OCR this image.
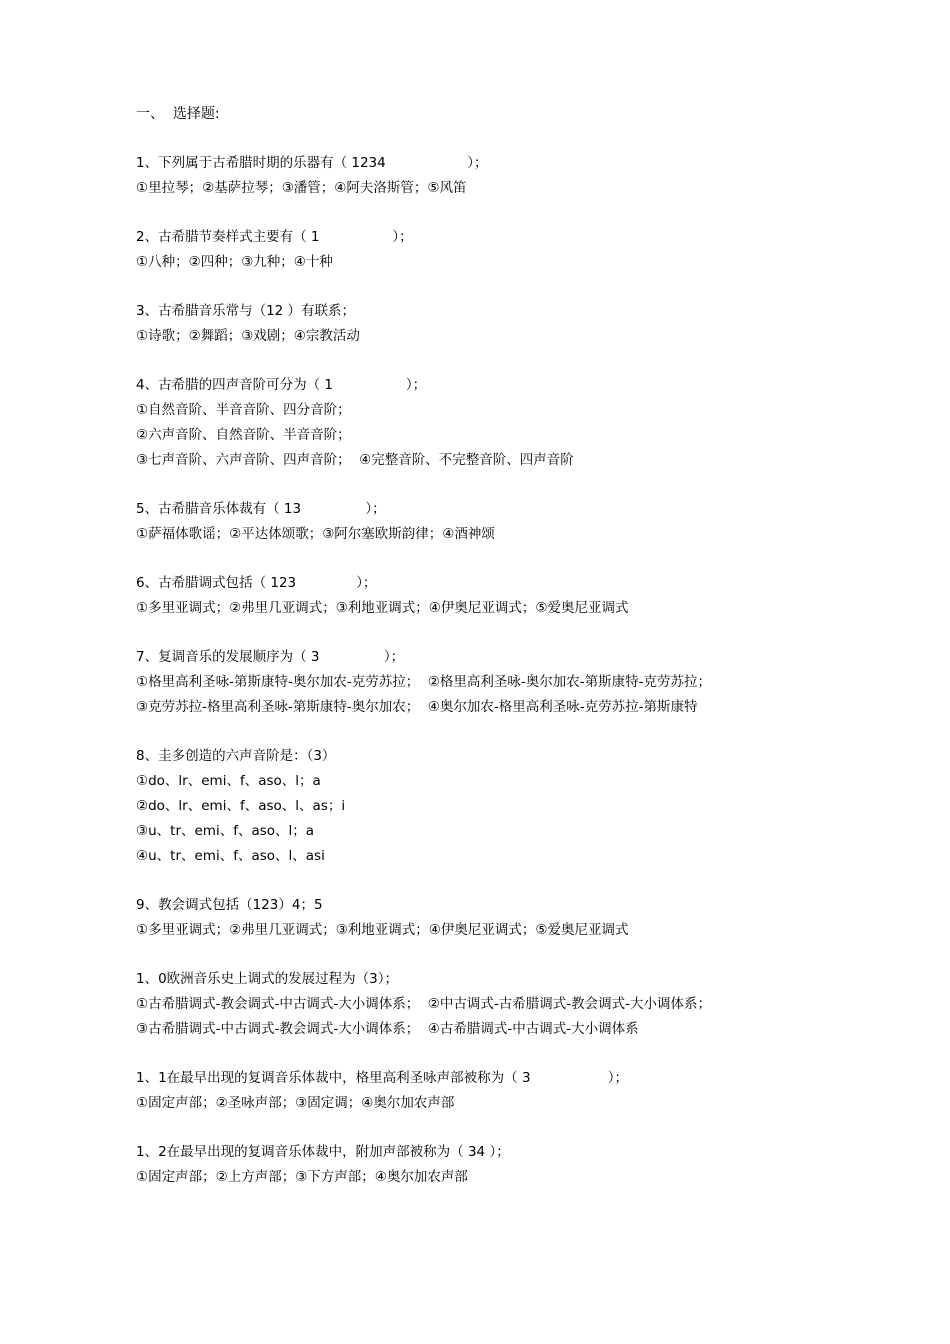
一、  选择题:
1、下列属于古希腊时期的乐器有（ 1234                   ）；
①里拉琴；②基萨拉琴；③潘管；④阿夫洛斯管；⑤风笛
2、古希腊节奏样式主要有（ 1                 ）；
①八种；②四种；③九种；④十种
3、古希腊音乐常与（12 ）有联系；
①诗歌；②舞蹈；③戏剧；④宗教活动
4、古希腊的四声音阶可分为（ 1                 ）；
①自然音阶、半音音阶、四分音阶；
②六声音阶、自然音阶、半音音阶；
③七声音阶、六声音阶、四声音阶；  ④完整音阶、不完整音阶、四声音阶
5、古希腊音乐体裁有（ 13               ）；
①萨福体歌谣；②平达体颂歌；③阿尔塞欧斯韵律；④酒神颂
6、古希腊调式包括（ 123              ）；
①多里亚调式；②弗里几亚调式；③利地亚调式；④伊奥尼亚调式；⑤爱奥尼亚调式
7、复调音乐的发展顺序为（ 3               ）；
①格里高利圣咏-第斯康特-奥尔加农-克劳苏拉；  ②格里高利圣咏-奥尔加农-第斯康特-克劳苏拉；
③克劳苏拉-格里高利圣咏-第斯康特-奥尔加农；  ④奥尔加农-格里高利圣咏-克劳苏拉-第斯康特
8、圭多创造的六声音阶是：（3）
①do、lr、emi、f、aso、l；a
②do、lr、emi、f、aso、l、as；i
③u、tr、emi、f、aso、l；a
④u、tr、emi、f、aso、l、asi
9、教会调式包括（123）4；5
①多里亚调式；②弗里几亚调式；③利地亚调式；④伊奥尼亚调式；⑤爱奥尼亚调式
1、0欧洲音乐史上调式的发展过程为（3）；
①古希腊调式-教会调式-中古调式-大小调体系；  ②中古调式-古希腊调式-教会调式-大小调体系；
③古希腊调式-中古调式-教会调式-大小调体系；  ④古希腊调式-中古调式-大小调体系
1、1在最早出现的复调音乐体裁中，格里高利圣咏声部被称为（ 3                  ）；
①固定声部；②圣咏声部；③固定调；④奥尔加农声部
1、2在最早出现的复调音乐体裁中，附加声部被称为（ 34 ）；
①固定声部；②上方声部；③下方声部；④奥尔加农声部
